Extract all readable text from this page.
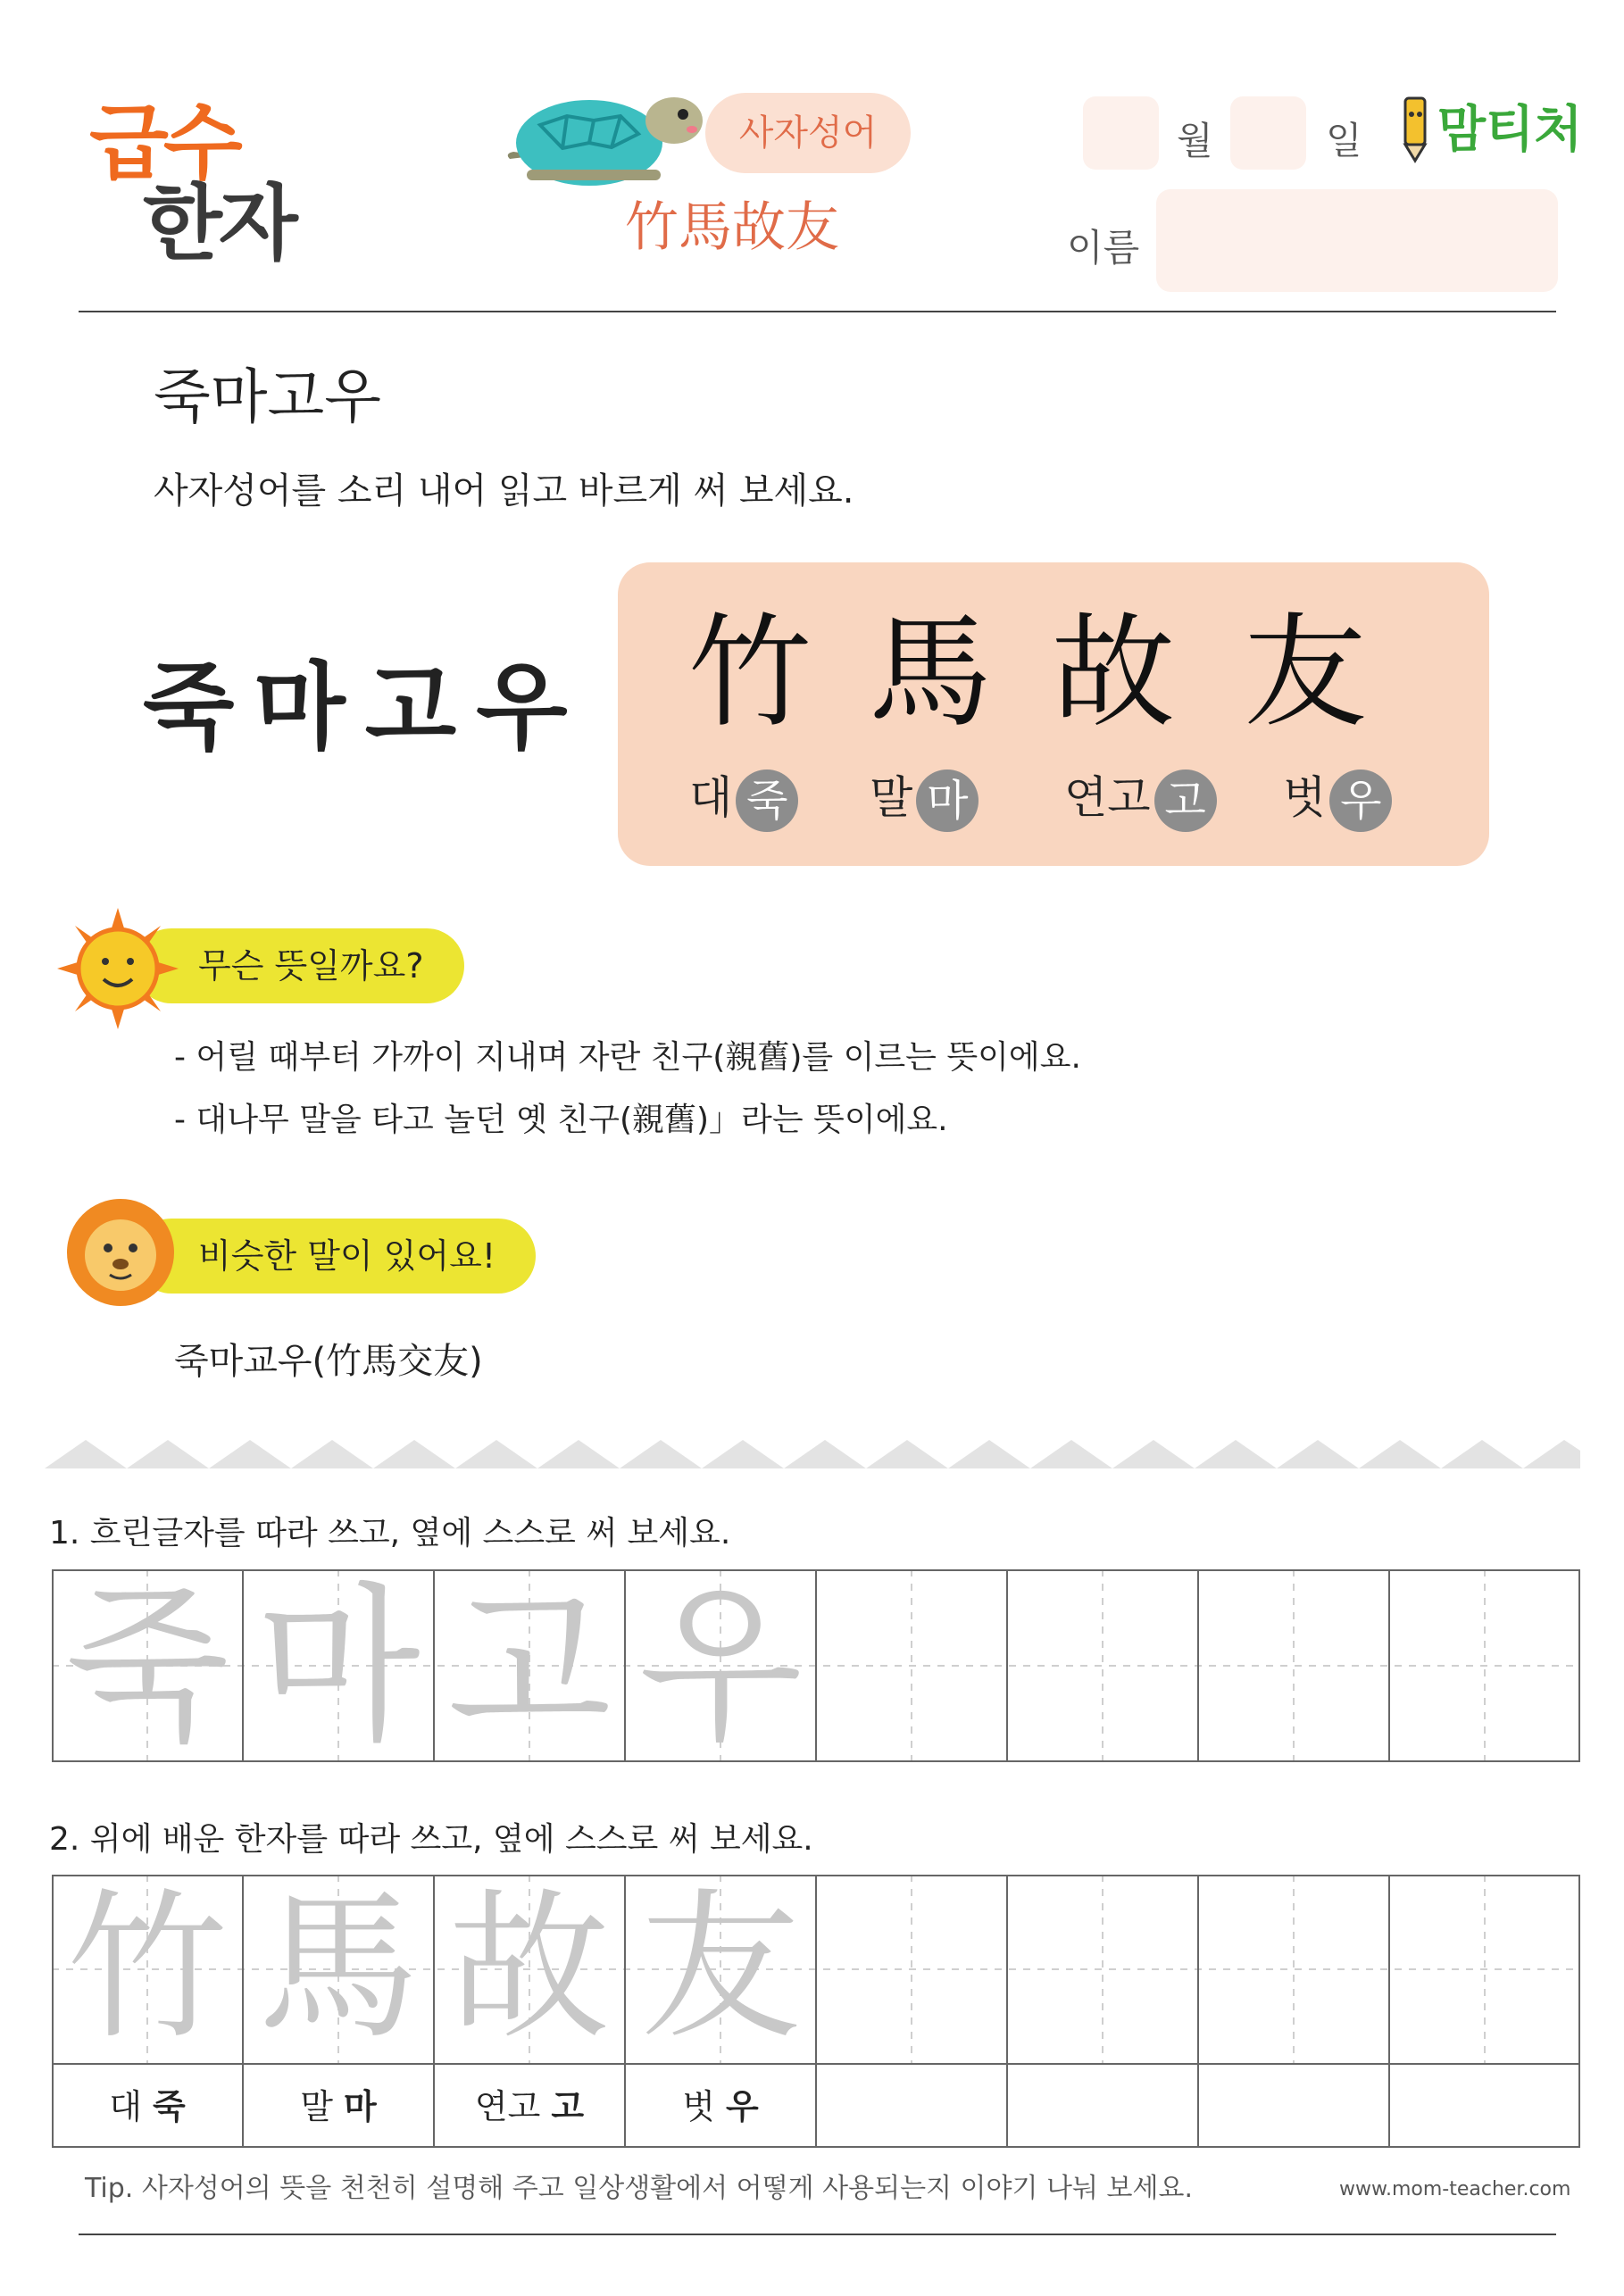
급수
한자
사자성어
竹馬故友
월	일 맘티처
이름
죽마고우
사자성어를 소리 내어 읽고 바르게 써 보세요.
죽마고우 竹 馬 故 友
대 죽 말 마 연고 고 벗 우
무슨 뜻일까요?
- 어릴 때부터 가까이 지내며 자란 친구(親舊)를 이르는 뜻이에요.
- 대나무 말을 타고 놀던 옛 친구(親舊)」라는 뜻이에요.
비슷한 말이 있어요!
죽마교우(竹馬交友)
1. 흐린글자를 따라 쓰고, 옆에 스스로 써 보세요.
죽 마 고 우
2. 위에 배운 한자를 따라 쓰고, 옆에 스스로 써 보세요.
竹 馬 故 友
대 죽	말 마	연고 고	벗 우
Tip. 사자성어의 뜻을 천천히 설명해 주고 일상생활에서 어떻게 사용되는지 이야기 나눠 보세요.	www.mom-teacher.com
